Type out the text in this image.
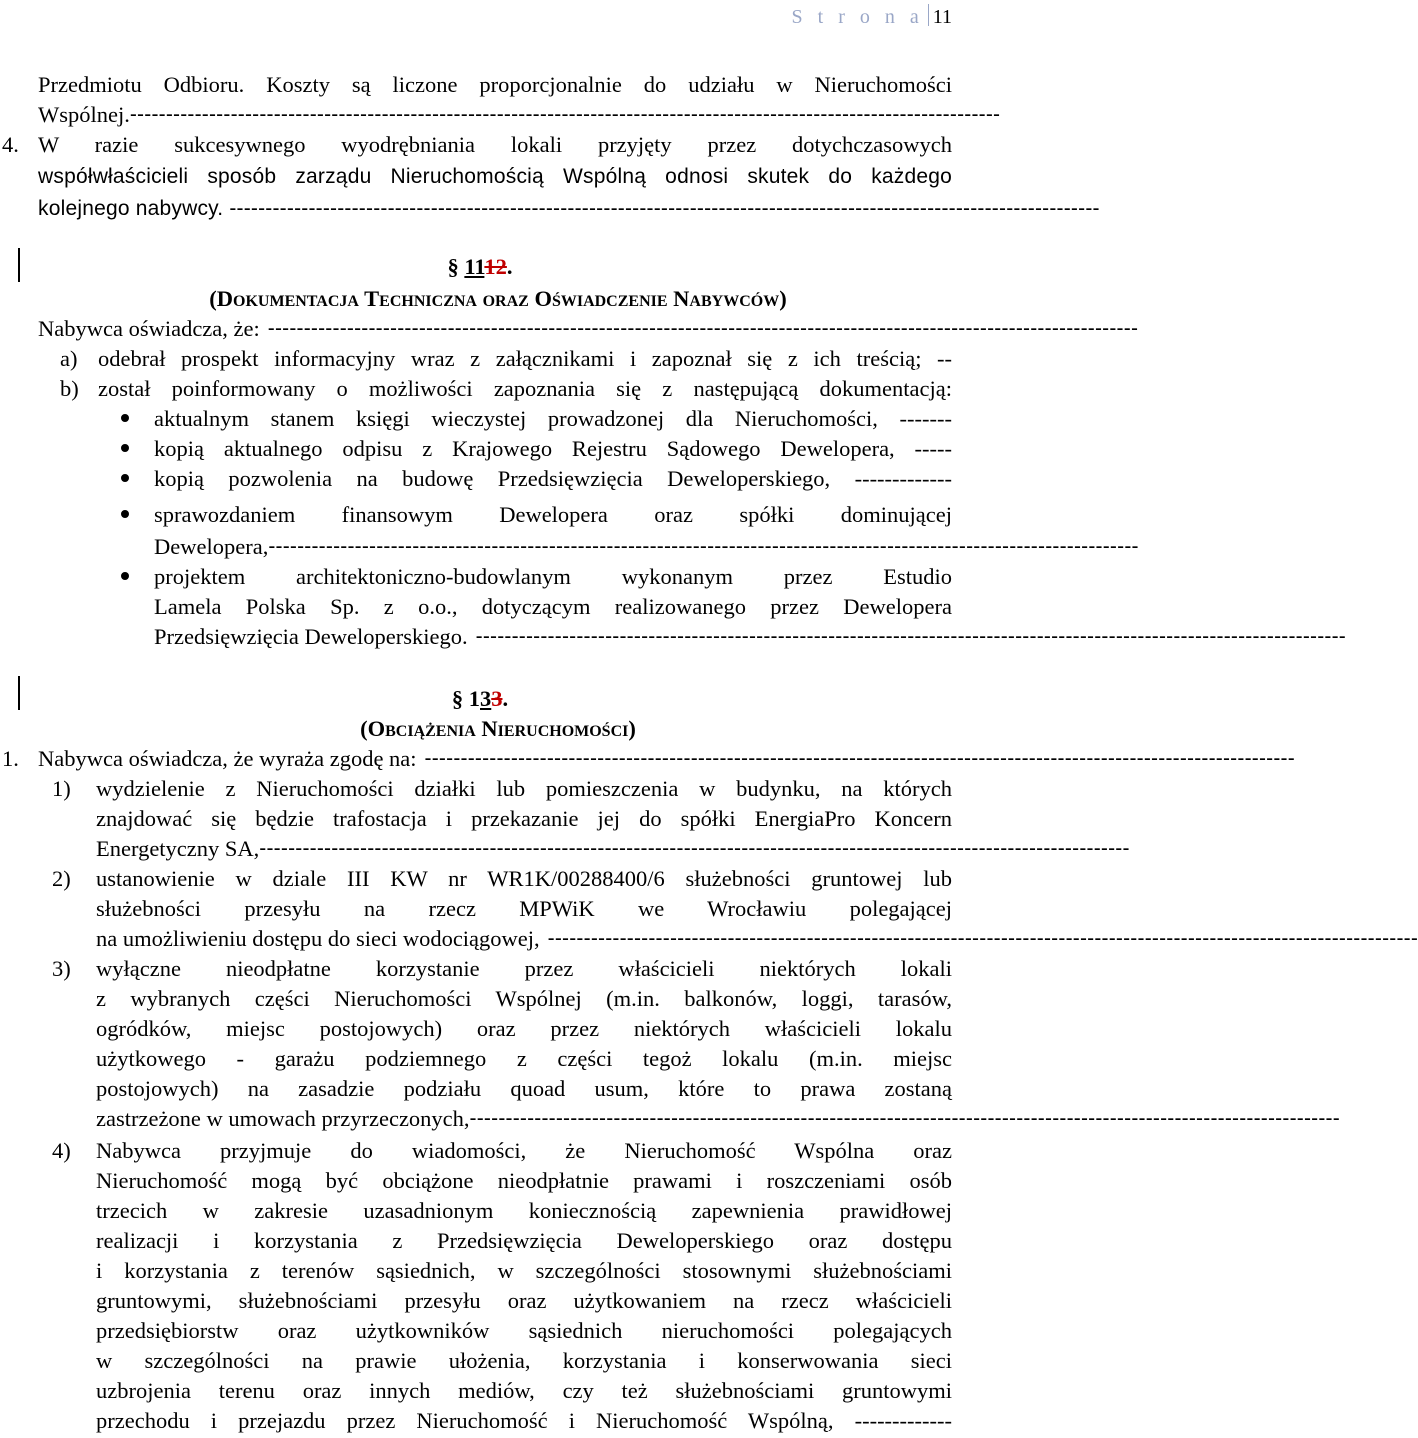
S t r o n a 11
Przedmiotu Odbioru. Koszty są liczone proporcjonalnie do udziału w Nieruchomości
Wspólnej. -------------------------------------------------------------------------------------------------------------------------
4. W razie sukcesywnego wyodrębniania lokali przyjęty przez dotychczasowych
współwłaścicieli sposób zarządu Nieruchomością Wspólną odnosi skutek do każdego
kolejnego nabywcy. -------------------------------------------------------------------------------------------------------------------------
§ 1112.
(Dokumentacja Techniczna oraz Oświadczenie Nabywców)
Nabywca oświadcza, że: -------------------------------------------------------------------------------------------------------------------------
a) odebrał prospekt informacyjny wraz z załącznikami i zapoznał się z ich treścią; --
b) został poinformowany o możliwości zapoznania się z następującą dokumentacją:
aktualnym stanem księgi wieczystej prowadzonej dla Nieruchomości, -------
kopią aktualnego odpisu z Krajowego Rejestru Sądowego Dewelopera, -----
kopią pozwolenia na budowę Przedsięwzięcia Deweloperskiego, -------------
sprawozdaniem finansowym Dewelopera oraz spółki dominującej
Dewelopera, -------------------------------------------------------------------------------------------------------------------------
projektem architektoniczno-budowlanym wykonanym przez Estudio
Lamela Polska Sp. z o.o., dotyczącym realizowanego przez Dewelopera
Przedsięwzięcia Deweloperskiego. -------------------------------------------------------------------------------------------------------------------------
§ 133.
(Obciążenia Nieruchomości)
1. Nabywca oświadcza, że wyraża zgodę na: -------------------------------------------------------------------------------------------------------------------------
1) wydzielenie z Nieruchomości działki lub pomieszczenia w budynku, na których
znajdować się będzie trafostacja i przekazanie jej do spółki EnergiaPro Koncern
Energetyczny SA, -------------------------------------------------------------------------------------------------------------------------
2) ustanowienie w dziale III KW nr WR1K/00288400/6 służebności gruntowej lub
służebności przesyłu na rzecz MPWiK we Wrocławiu polegającej
na umożliwieniu dostępu do sieci wodociągowej, -------------------------------------------------------------------------------------------------------------------------
3) wyłączne nieodpłatne korzystanie przez właścicieli niektórych lokali
z wybranych części Nieruchomości Wspólnej (m.in. balkonów, loggi, tarasów,
ogródków, miejsc postojowych) oraz przez niektórych właścicieli lokalu
użytkowego - garażu podziemnego z części tegoż lokalu (m.in. miejsc
postojowych) na zasadzie podziału quoad usum, które to prawa zostaną
zastrzeżone w umowach przyrzeczonych, -------------------------------------------------------------------------------------------------------------------------
4) Nabywca przyjmuje do wiadomości, że Nieruchomość Wspólna oraz
Nieruchomość mogą być obciążone nieodpłatnie prawami i roszczeniami osób
trzecich w zakresie uzasadnionym koniecznością zapewnienia prawidłowej
realizacji i korzystania z Przedsięwzięcia Deweloperskiego oraz dostępu
i korzystania z terenów sąsiednich, w szczególności stosownymi służebnościami
gruntowymi, służebnościami przesyłu oraz użytkowaniem na rzecz właścicieli
przedsiębiorstw oraz użytkowników sąsiednich nieruchomości polegających
w szczególności na prawie ułożenia, korzystania i konserwowania sieci
uzbrojenia terenu oraz innych mediów, czy też służebnościami gruntowymi
przechodu i przejazdu przez Nieruchomość i Nieruchomość Wspólną, -------------
